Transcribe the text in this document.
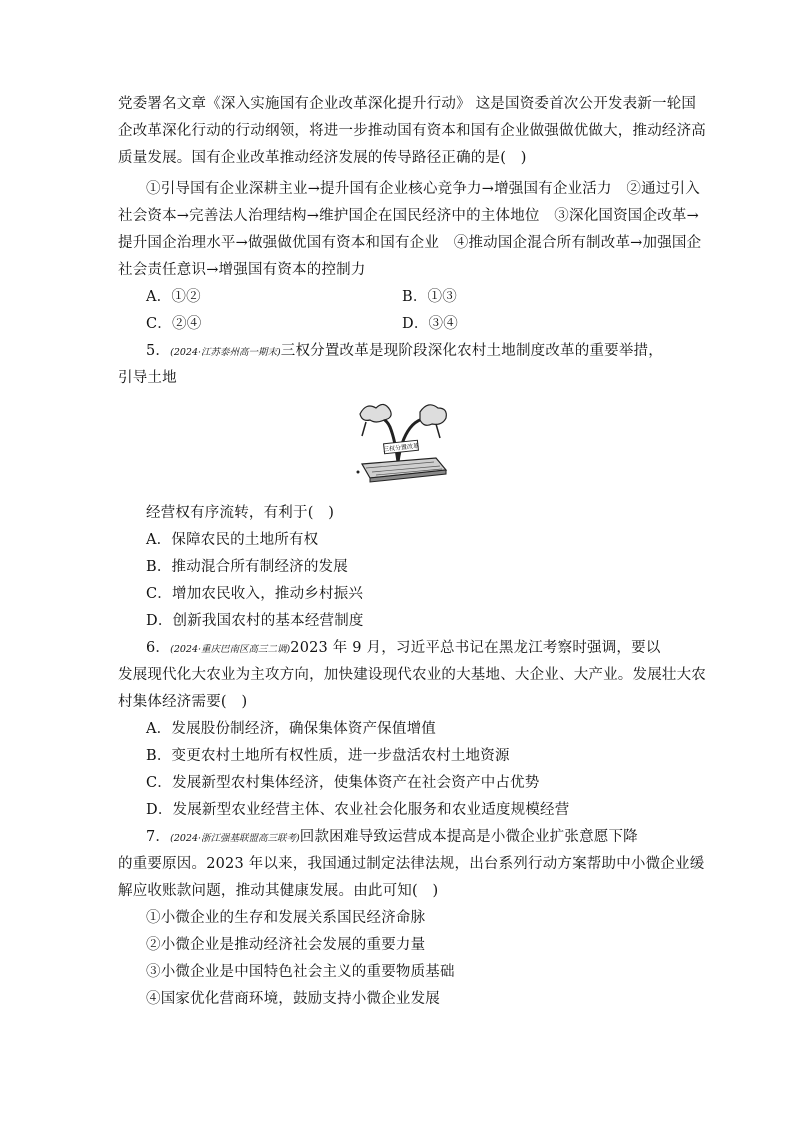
党委署名文章《深入实施国有企业改革深化提升行动》 这是国资委首次公开发表新一轮国
企改革深化行动的行动纲领，将进一步推动国有资本和国有企业做强做优做大，推动经济高
质量发展。国有企业改革推动经济发展的传导路径正确的是(　)
①引导国有企业深耕主业→提升国有企业核心竞争力→增强国有企业活力　②通过引入
社会资本→完善法人治理结构→维护国企在国民经济中的主体地位　③深化国资国企改革→
提升国企治理水平→做强做优国有资本和国有企业　④推动国企混合所有制改革→加强国企
社会责任意识→增强国有资本的控制力
A．①②	B．①③
C．②④	D．③④
5．(2024·江苏泰州高一期末)三权分置改革是现阶段深化农村土地制度改革的重要举措，
引导土地
三权分置改革
经营权有序流转，有利于(　)
A．保障农民的土地所有权
B．推动混合所有制经济的发展
C．增加农民收入，推动乡村振兴
D．创新我国农村的基本经营制度
6．(2024·重庆巴南区高三二调)2023 年 9 月，习近平总书记在黑龙江考察时强调，要以
发展现代化大农业为主攻方向，加快建设现代农业的大基地、大企业、大产业。发展壮大农
村集体经济需要(　)
A．发展股份制经济，确保集体资产保值增值
B．变更农村土地所有权性质，进一步盘活农村土地资源
C．发展新型农村集体经济，使集体资产在社会资产中占优势
D．发展新型农业经营主体、农业社会化服务和农业适度规模经营
7．(2024·浙江强基联盟高三联考)回款困难导致运营成本提高是小微企业扩张意愿下降
的重要原因。2023 年以来，我国通过制定法律法规，出台系列行动方案帮助中小微企业缓
解应收账款问题，推动其健康发展。由此可知(　)
①小微企业的生存和发展关系国民经济命脉
②小微企业是推动经济社会发展的重要力量
③小微企业是中国特色社会主义的重要物质基础
④国家优化营商环境，鼓励支持小微企业发展
